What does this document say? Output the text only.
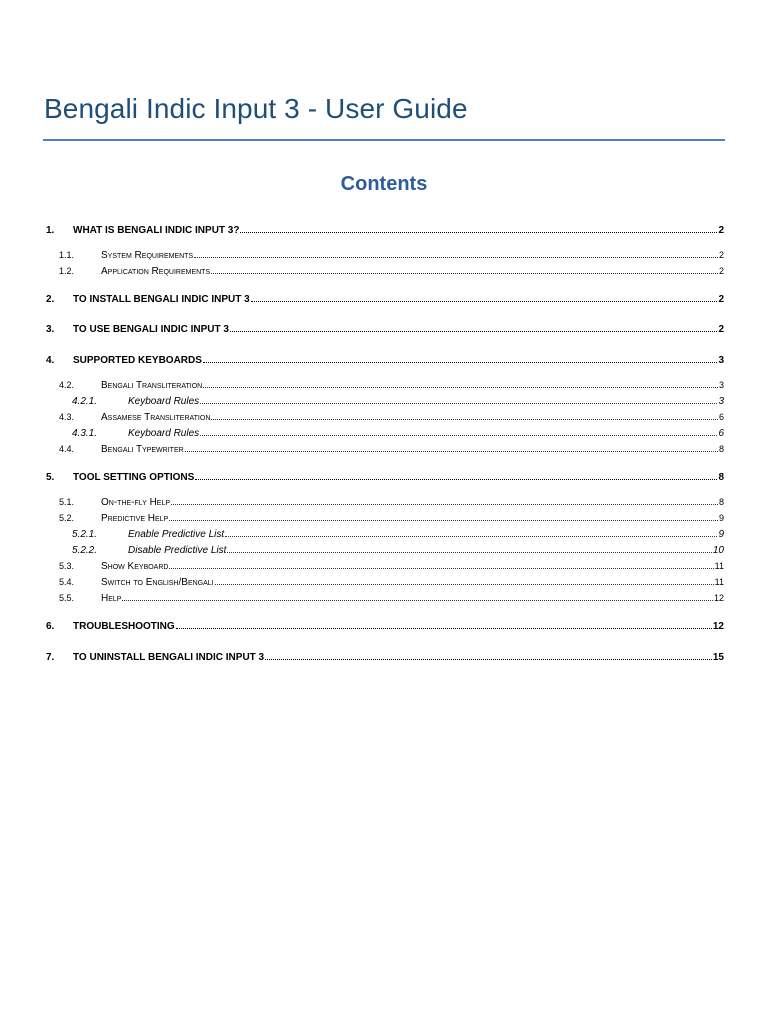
Bengali Indic Input 3 - User Guide
Contents
1.	WHAT IS BENGALI INDIC INPUT 3?	2
1.1.	System Requirements	2
1.2.	Application Requirements	2
2.	TO INSTALL BENGALI INDIC INPUT 3	2
3.	TO USE BENGALI INDIC INPUT 3	2
4.	SUPPORTED KEYBOARDS	3
4.2.	Bengali Transliteration	3
4.2.1.	Keyboard Rules	3
4.3.	Assamese Transliteration	6
4.3.1.	Keyboard Rules	6
4.4.	Bengali Typewriter	8
5.	TOOL SETTING OPTIONS	8
5.1.	On-the-fly Help	8
5.2.	Predictive Help	9
5.2.1.	Enable Predictive List	9
5.2.2.	Disable Predictive List	10
5.3.	Show Keyboard	11
5.4.	Switch to English/Bengali	11
5.5.	Help	12
6.	TROUBLESHOOTING	12
7.	TO UNINSTALL BENGALI INDIC INPUT 3	15
